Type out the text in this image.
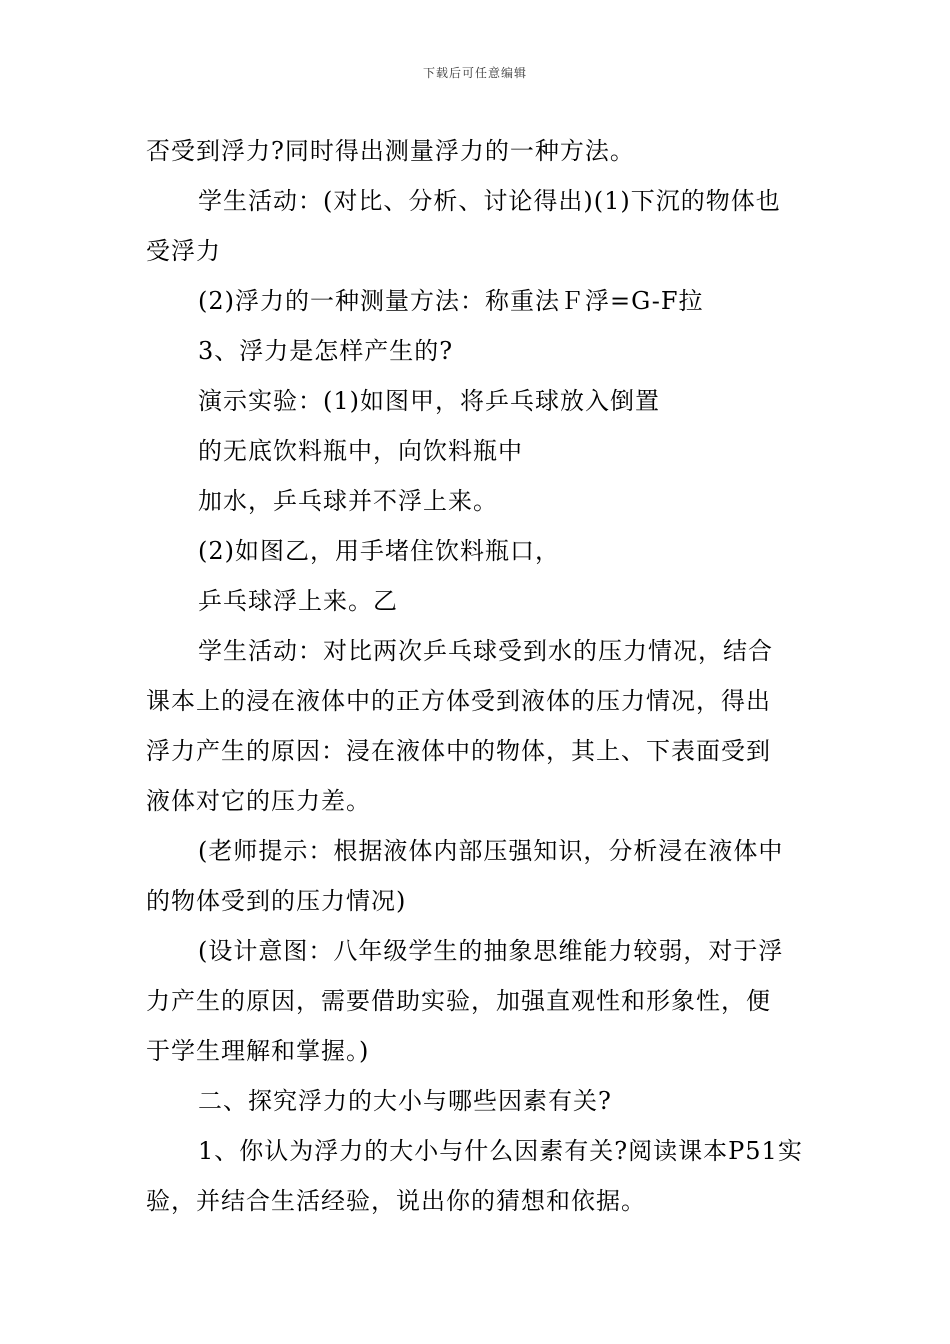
下载后可任意编辑

否受到浮力?同时得出测量浮力的一种方法。

学生活动：(对比、分析、讨论得出)(1)下沉的物体也

受浮力

(2)浮力的一种测量方法：称重法Ｆ浮=G-F拉

3、浮力是怎样产生的?

演示实验：(1)如图甲，将乒乓球放入倒置

的无底饮料瓶中，向饮料瓶中

加水，乒乓球并不浮上来。

(2)如图乙，用手堵住饮料瓶口，

乒乓球浮上来。乙

学生活动：对比两次乒乓球受到水的压力情况，结合

课本上的浸在液体中的正方体受到液体的压力情况，得出

浮力产生的原因：浸在液体中的物体，其上、下表面受到

液体对它的压力差。

(老师提示：根据液体内部压强知识，分析浸在液体中

的物体受到的压力情况)

(设计意图：八年级学生的抽象思维能力较弱，对于浮

力产生的原因，需要借助实验，加强直观性和形象性，便

于学生理解和掌握。)

二、探究浮力的大小与哪些因素有关?

1、你认为浮力的大小与什么因素有关?阅读课本P51实

验，并结合生活经验，说出你的猜想和依据。
